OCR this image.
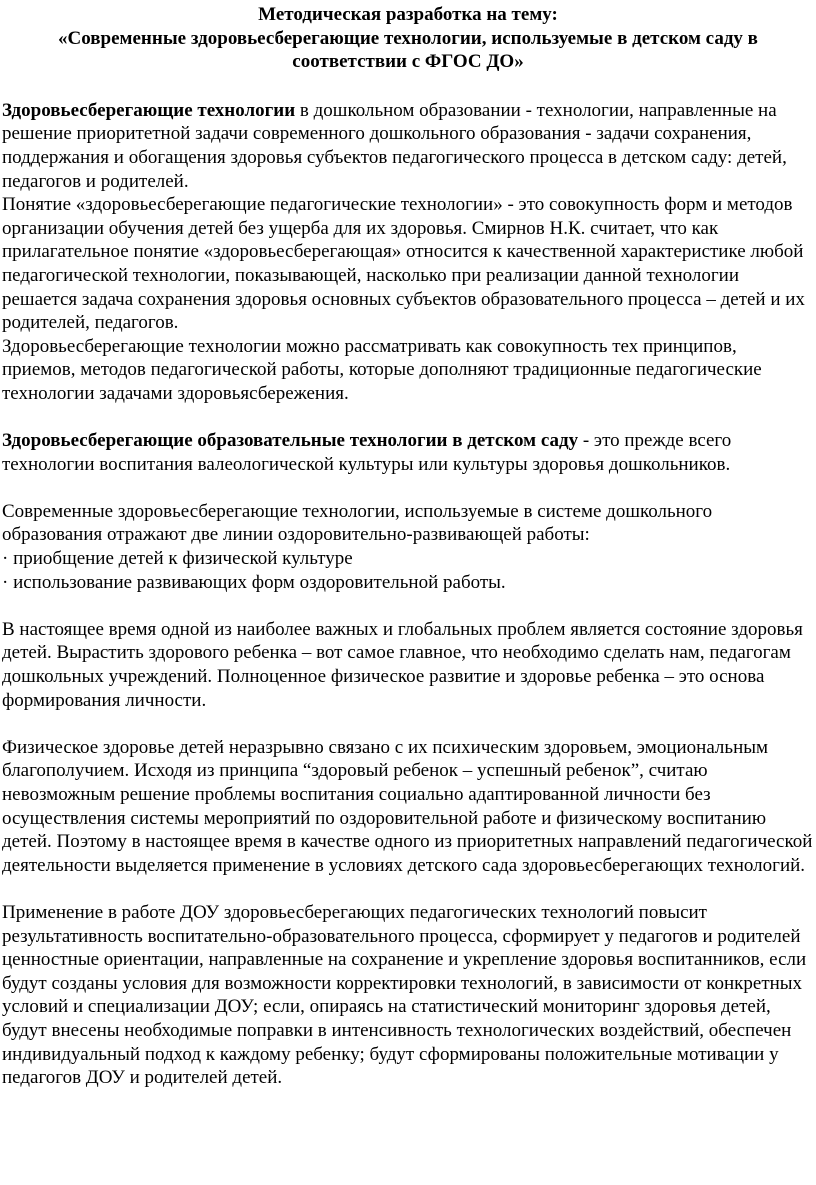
Методическая разработка на тему:
«Современные здоровьесберегающие технологии, используемые в детском саду в соответствии с ФГОС ДО»

Здоровьесберегающие технологии в дошкольном образовании - технологии, направленные на решение приоритетной задачи современного дошкольного образования - задачи сохранения, поддержания и обогащения здоровья субъектов педагогического процесса в детском саду: детей, педагогов и родителей.

Понятие «здоровьесберегающие педагогические технологии» - это совокупность форм и методов организации обучения детей без ущерба для их здоровья. Смирнов Н.К. считает, что как прилагательное понятие «здоровьесберегающая» относится к качественной характеристике любой педагогической технологии, показывающей, насколько при реализации данной технологии решается задача сохранения здоровья основных субъектов образовательного процесса – детей и их родителей, педагогов.

Здоровьесберегающие технологии можно рассматривать как совокупность тех принципов, приемов, методов педагогической работы, которые дополняют традиционные педагогические технологии задачами здоровьясбережения.

Здоровьесберегающие образовательные технологии в детском саду - это прежде всего технологии воспитания валеологической культуры или культуры здоровья дошкольников.

Современные здоровьесберегающие технологии, используемые в системе дошкольного образования отражают две линии оздоровительно-развивающей работы:

· приобщение детей к физической культуре
· использование развивающих форм оздоровительной работы.

В настоящее время одной из наиболее важных и глобальных проблем является состояние здоровья детей. Вырастить здорового ребенка – вот самое главное, что необходимо сделать нам, педагогам дошкольных учреждений. Полноценное физическое развитие и здоровье ребенка – это основа формирования личности.

Физическое здоровье детей неразрывно связано с их психическим здоровьем, эмоциональным благополучием. Исходя из принципа “здоровый ребенок – успешный ребенок”, считаю невозможным решение проблемы воспитания социально адаптированной личности без осуществления системы мероприятий по оздоровительной работе и физическому воспитанию детей. Поэтому в настоящее время в качестве одного из приоритетных направлений педагогической деятельности выделяется применение в условиях детского сада здоровьесберегающих технологий.

Применение в работе ДОУ здоровьесберегающих педагогических технологий повысит результативность воспитательно-образовательного процесса, сформирует у педагогов и родителей ценностные ориентации, направленные на сохранение и укрепление здоровья воспитанников, если будут созданы условия для возможности корректировки технологий, в зависимости от конкретных условий и специализации ДОУ; если, опираясь на статистический мониторинг здоровья детей, будут внесены необходимые поправки в интенсивность технологических воздействий, обеспечен индивидуальный подход к каждому ребенку; будут сформированы положительные мотивации у педагогов ДОУ и родителей детей.
